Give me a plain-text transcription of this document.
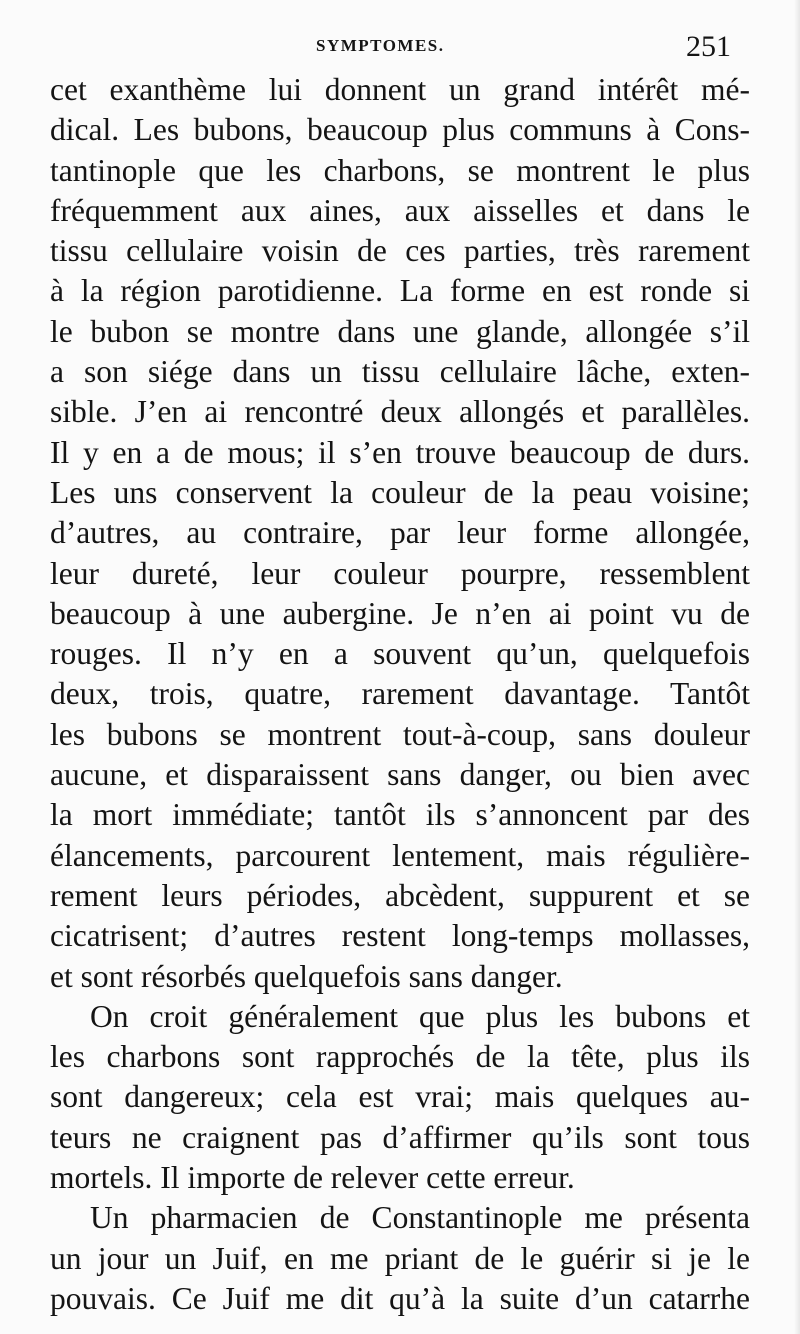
SYMPTOMES.	251
cet exanthème lui donnent un grand intérêt mé-
dical. Les bubons, beaucoup plus communs à Cons-
tantinople que les charbons, se montrent le plus
fréquemment aux aines, aux aisselles et dans le
tissu cellulaire voisin de ces parties, très rarement
à la région parotidienne. La forme en est ronde si
le bubon se montre dans une glande, allongée s’il
a son siége dans un tissu cellulaire lâche, exten-
sible. J’en ai rencontré deux allongés et parallèles.
Il y en a de mous; il s’en trouve beaucoup de durs.
Les uns conservent la couleur de la peau voisine;
d’autres, au contraire, par leur forme allongée,
leur dureté, leur couleur pourpre, ressemblent
beaucoup à une aubergine. Je n’en ai point vu de
rouges. Il n’y en a souvent qu’un, quelquefois
deux, trois, quatre, rarement davantage. Tantôt
les bubons se montrent tout-à-coup, sans douleur
aucune, et disparaissent sans danger, ou bien avec
la mort immédiate; tantôt ils s’annoncent par des
élancements, parcourent lentement, mais régulière-
rement leurs périodes, abcèdent, suppurent et se
cicatrisent; d’autres restent long-temps mollasses,
et sont résorbés quelquefois sans danger.
On croit généralement que plus les bubons et
les charbons sont rapprochés de la tête, plus ils
sont dangereux; cela est vrai; mais quelques au-
teurs ne craignent pas d’affirmer qu’ils sont tous
mortels. Il importe de relever cette erreur.
Un pharmacien de Constantinople me présenta
un jour un Juif, en me priant de le guérir si je le
pouvais. Ce Juif me dit qu’à la suite d’un catarrhe
